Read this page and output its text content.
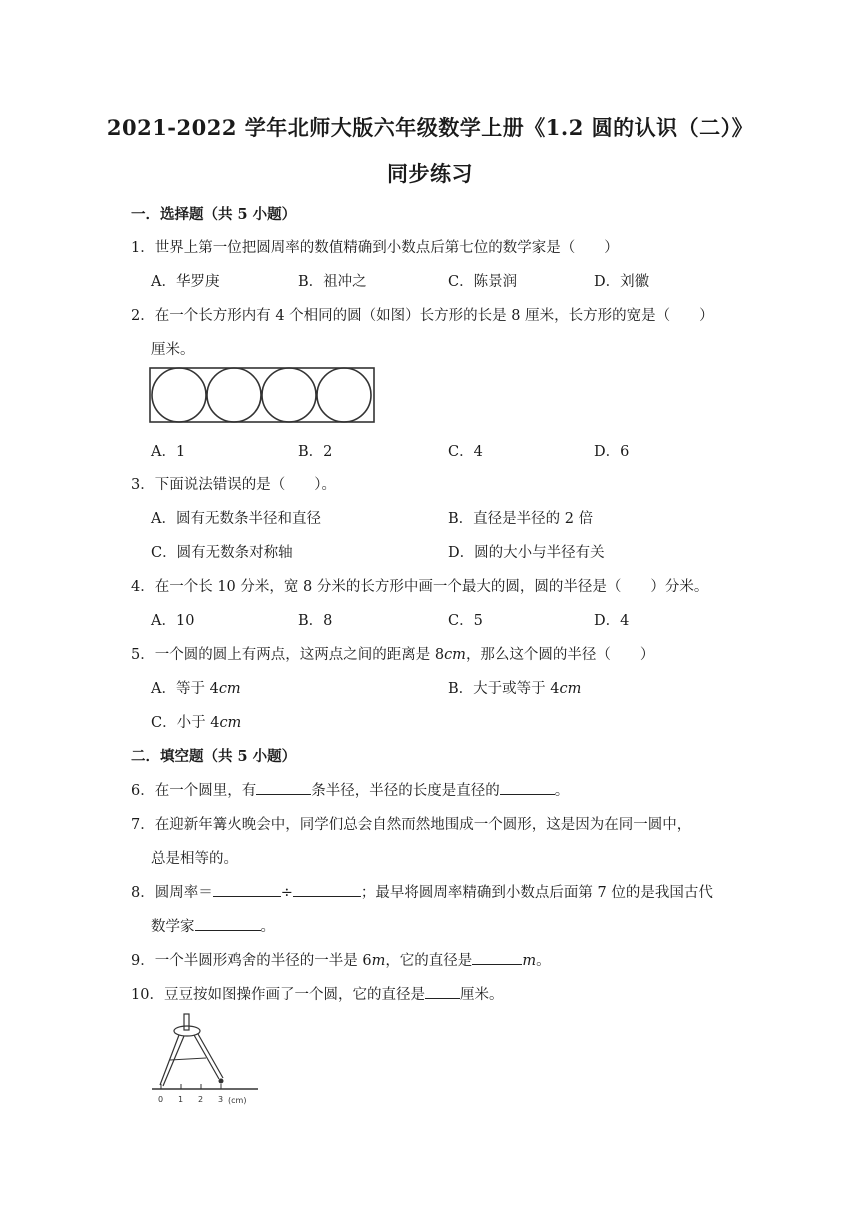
2021-2022 学年北师大版六年级数学上册《1.2 圆的认识（二）》
同步练习
一．选择题（共 5 小题）
1．世界上第一位把圆周率的数值精确到小数点后第七位的数学家是（　　）
A．华罗庚	B．祖冲之	C．陈景润	D．刘徽
2．在一个长方形内有 4 个相同的圆（如图）长方形的长是 8 厘米，长方形的宽是（　　）
厘米。
A．1	B．2	C．4	D．6
3．下面说法错误的是（　　）。
A．圆有无数条半径和直径	B．直径是半径的 2 倍
C．圆有无数条对称轴	D．圆的大小与半径有关
4．在一个长 10 分米，宽 8 分米的长方形中画一个最大的圆，圆的半径是（　　）分米。
A．10	B．8	C．5	D．4
5．一个圆的圆上有两点，这两点之间的距离是 8cm，那么这个圆的半径（　　）
A．等于 4cm	B．大于或等于 4cm
C．小于 4cm
二．填空题（共 5 小题）
6．在一个圆里，有	条半径，半径的长度是直径的	。
7．在迎新年篝火晚会中，同学们总会自然而然地围成一个圆形，这是因为在同一圆中，
总是相等的。
8．圆周率＝	÷	；最早将圆周率精确到小数点后面第 7 位的是我国古代
数学家	。
9．一个半圆形鸡舍的半径的一半是 6m，它的直径是	m。
10．豆豆按如图操作画了一个圆，它的直径是 厘米。
0 1 2 3 (cm)
